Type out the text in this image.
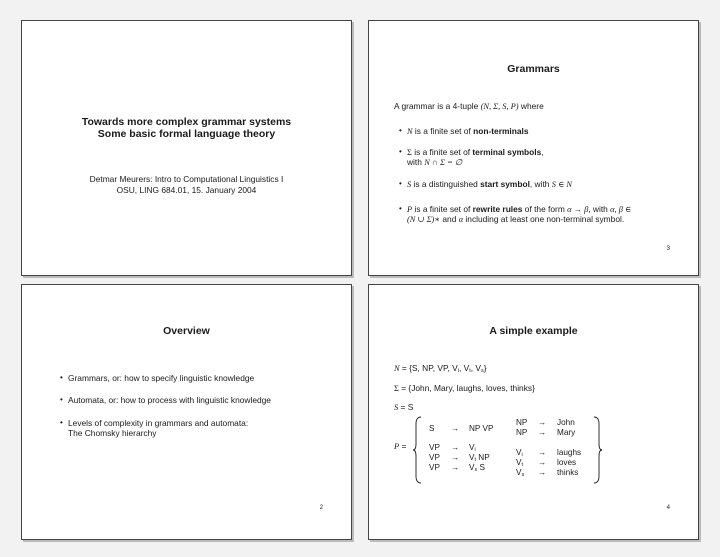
Towards more complex grammar systems
Some basic formal language theory
Detmar Meurers: Intro to Computational Linguistics I
OSU, LING 684.01, 15. January 2004
Grammars
A grammar is a 4-tuple (N, Σ, S, P) where
• N is a finite set of non-terminals
• Σ is a finite set of terminal symbols,
with N ∩ Σ = ∅
• S is a distinguished start symbol, with S ∈ N
• P is a finite set of rewrite rules of the form α → β, with α, β ∈
(N ∪ Σ)∗ and α including at least one non-terminal symbol.
3
Overview
• Grammars, or: how to specify linguistic knowledge
• Automata, or: how to process with linguistic knowledge
• Levels of complexity in grammars and automata:
The Chomsky hierarchy
2
A simple example
N = {S, NP, VP, $V_i$, $V_t$, $V_s$}
Σ = {John, Mary, laughs, loves, thinks}
S = S
P =
S → NP VP
VP → $V_i$
VP → $V_t$ NP
VP → $V_s$ S
NP → John
NP → Mary
$V_i$ → laughs
$V_t$ → loves
$V_s$ → thinks
4
